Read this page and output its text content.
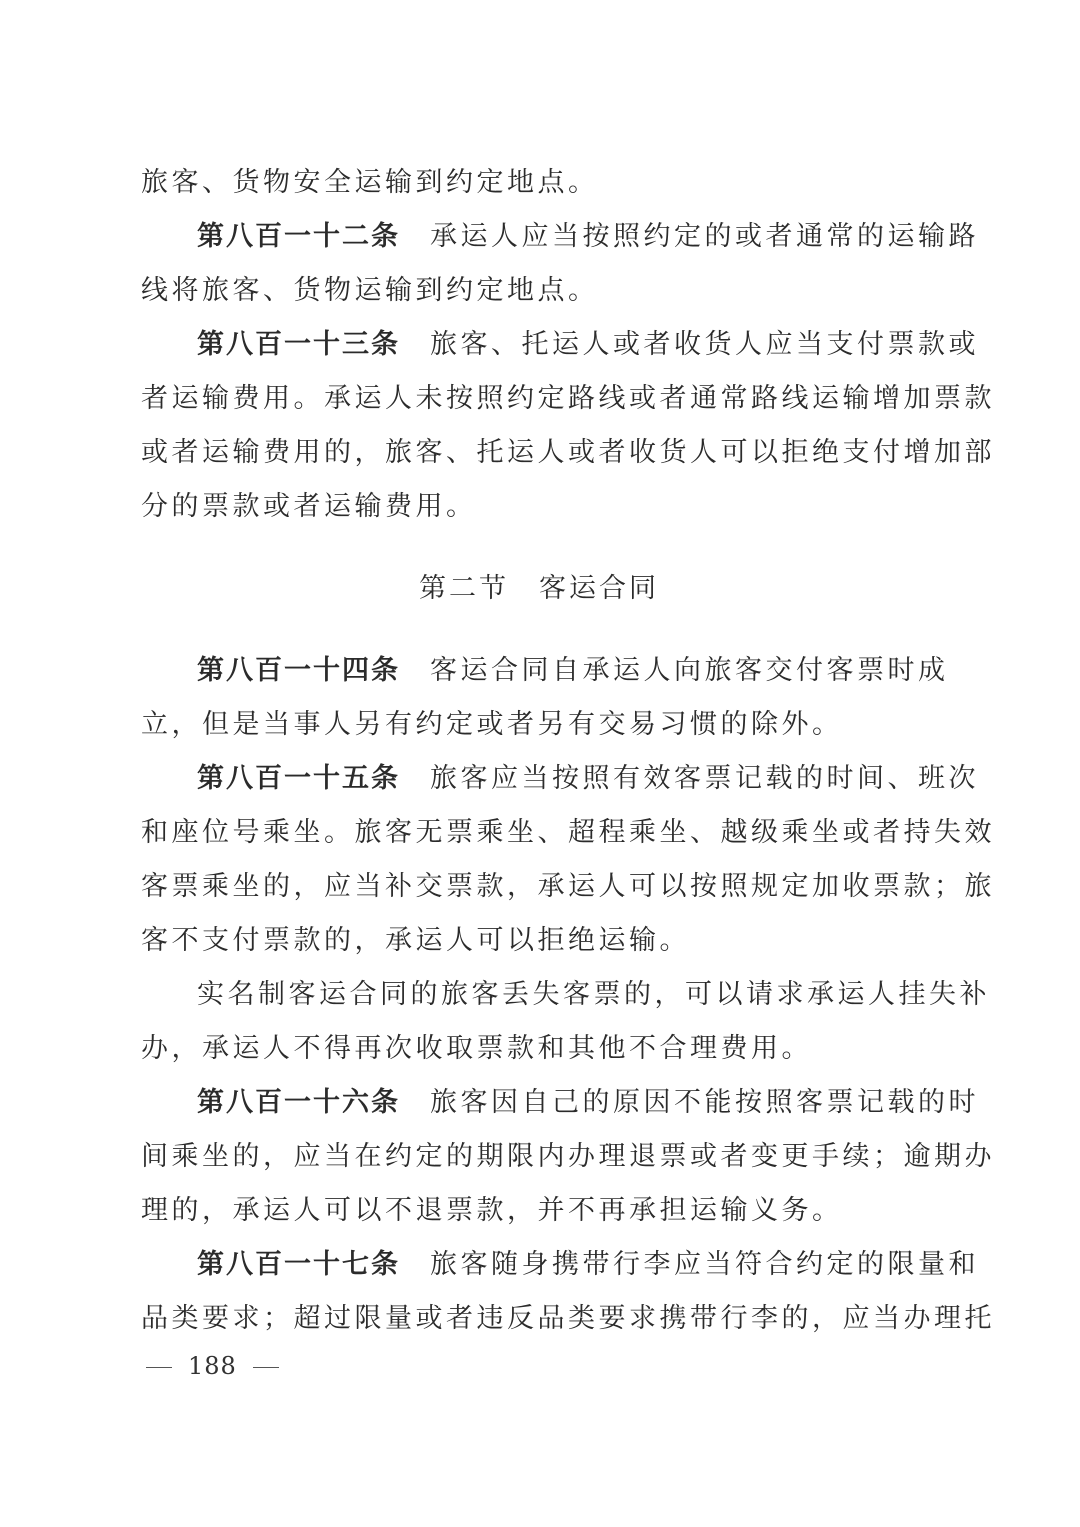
旅客、货物安全运输到约定地点。
第八百一十二条 承运人应当按照约定的或者通常的运输路
线将旅客、货物运输到约定地点。
第八百一十三条 旅客、托运人或者收货人应当支付票款或
者运输费用。承运人未按照约定路线或者通常路线运输增加票款
或者运输费用的，旅客、托运人或者收货人可以拒绝支付增加部
分的票款或者运输费用。
第二节 客运合同
第八百一十四条 客运合同自承运人向旅客交付客票时成
立，但是当事人另有约定或者另有交易习惯的除外。
第八百一十五条 旅客应当按照有效客票记载的时间、班次
和座位号乘坐。旅客无票乘坐、超程乘坐、越级乘坐或者持失效
客票乘坐的，应当补交票款，承运人可以按照规定加收票款；旅
客不支付票款的，承运人可以拒绝运输。
实名制客运合同的旅客丢失客票的，可以请求承运人挂失补
办，承运人不得再次收取票款和其他不合理费用。
第八百一十六条 旅客因自己的原因不能按照客票记载的时
间乘坐的，应当在约定的期限内办理退票或者变更手续；逾期办
理的，承运人可以不退票款，并不再承担运输义务。
第八百一十七条 旅客随身携带行李应当符合约定的限量和
品类要求；超过限量或者违反品类要求携带行李的，应当办理托
188
